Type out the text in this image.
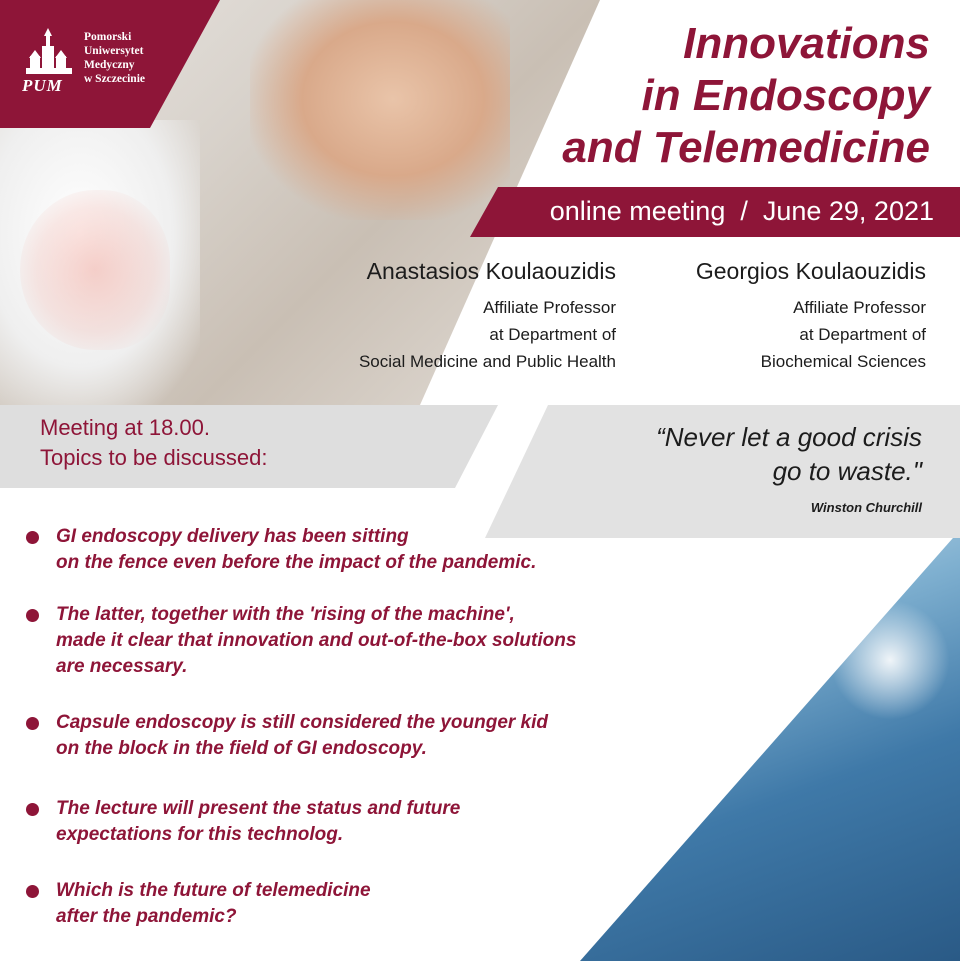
PUM
Pomorski
Uniwersytet
Medyczny
w Szczecinie
Innovations
in Endoscopy
and Telemedicine
online meeting  /  June 29, 2021
Anastasios Koulaouzidis
Affiliate Professor
at Department of
Social Medicine and Public Health
Georgios Koulaouzidis
Affiliate Professor
at Department of
Biochemical Sciences
Meeting at 18.00.
Topics to be discussed:
“Never let a good crisis
go to waste."
Winston Churchill
GI endoscopy delivery has been sitting
on the fence even before the impact of the pandemic.
The latter, together with the 'rising of the machine',
made it clear that innovation and out-of-the-box solutions
are necessary.
Capsule endoscopy is still considered the younger kid
on the block in the field of GI endoscopy.
The lecture will present the status and future
expectations for this technolog.
Which is the future of telemedicine
after the pandemic?
